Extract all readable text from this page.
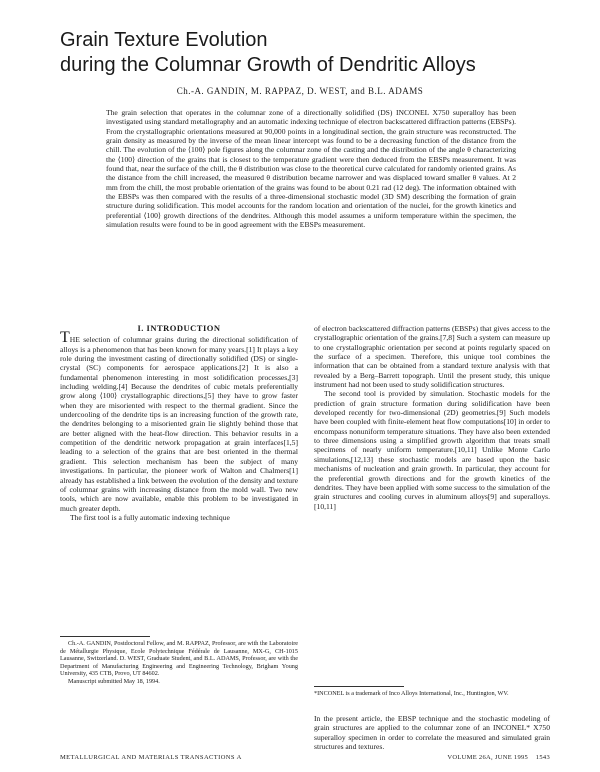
Grain Texture Evolution
during the Columnar Growth of Dendritic Alloys
Ch.-A. GANDIN, M. RAPPAZ, D. WEST, and B.L. ADAMS
The grain selection that operates in the columnar zone of a directionally solidified (DS) INCONEL X750 superalloy has been investigated using standard metallography and an automatic indexing technique of electron backscattered diffraction patterns (EBSPs). From the crystallographic orientations measured at 90,000 points in a longitudinal section, the grain structure was reconstructed. The grain density as measured by the inverse of the mean linear intercept was found to be a decreasing function of the distance from the chill. The evolution of the ⟨100⟩ pole figures along the columnar zone of the casting and the distribution of the angle θ characterizing the ⟨100⟩ direction of the grains that is closest to the temperature gradient were then deduced from the EBSPs measurement. It was found that, near the surface of the chill, the θ distribution was close to the theoretical curve calculated for randomly oriented grains. As the distance from the chill increased, the measured θ distribution became narrower and was displaced toward smaller θ values. At 2 mm from the chill, the most probable orientation of the grains was found to be about 0.21 rad (12 deg). The information obtained with the EBSPs was then compared with the results of a three-dimensional stochastic model (3D SM) describing the formation of grain structure during solidification. This model accounts for the random location and orientation of the nuclei, for the growth kinetics and preferential ⟨100⟩ growth directions of the dendrites. Although this model assumes a uniform temperature within the specimen, the simulation results were found to be in good agreement with the EBSPs measurement.

I. INTRODUCTION

THE selection of columnar grains during the directional solidification of alloys is a phenomenon that has been known for many years.[1] It plays a key role during the investment casting of directionally solidified (DS) or single-crystal (SC) components for aerospace applications.[2] It is also a fundamental phenomenon interesting in most solidification processes,[3] including welding.[4] Because the dendrites of cubic metals preferentially grow along ⟨100⟩ crystallographic directions,[5] they have to grow faster when they are misoriented with respect to the thermal gradient. Since the undercooling of the dendrite tips is an increasing function of the growth rate, the dendrites belonging to a misoriented grain lie slightly behind those that are better aligned with the heat-flow direction. This behavior results in a competition of the dendritic network propagation at grain interfaces[1,5] leading to a selection of the grains that are best oriented in the thermal gradient. This selection mechanism has been the subject of many investigations. In particular, the pioneer work of Walton and Chalmers[1] already has established a link between the evolution of the density and texture of columnar grains with increasing distance from the mold wall. Two new tools, which are now available, enable this problem to be investigated in much greater depth.

The first tool is a fully automatic indexing technique

Ch.-A. GANDIN, Postdoctoral Fellow, and M. RAPPAZ, Professor, are with the Laboratoire de Métallurgie Physique, Ecole Polytechnique Fédérale de Lausanne, MX-G, CH-1015 Lausanne, Switzerland. D. WEST, Graduate Student, and B.L. ADAMS, Professor, are with the Department of Manufacturing Engineering and Engineering Technology, Brigham Young University, 435 CTB, Provo, UT 84602.

Manuscript submitted May 18, 1994.

of electron backscattered diffraction patterns (EBSPs) that gives access to the crystallographic orientation of the grains.[7,8] Such a system can measure up to one crystallographic orientation per second at points regularly spaced on the surface of a specimen. Therefore, this unique tool combines the information that can be obtained from a standard texture analysis with that revealed by a Berg–Barrett topograph. Until the present study, this unique instrument had not been used to study solidification structures.

The second tool is provided by simulation. Stochastic models for the prediction of grain structure formation during solidification have been developed recently for two-dimensional (2D) geometries.[9] Such models have been coupled with finite-element heat flow computations[10] in order to encompass nonuniform temperature situations. They have also been extended to three dimensions using a simplified growth algorithm that treats small specimens of nearly uniform temperature.[10,11] Unlike Monte Carlo simulations,[12,13] these stochastic models are based upon the basic mechanisms of nucleation and grain growth. In particular, they account for the preferential growth directions and for the growth kinetics of the dendrites. They have been applied with some success to the simulation of the grain structures and cooling curves in aluminum alloys[9] and superalloys.[10,11]

*INCONEL is a trademark of Inco Alloys International, Inc., Huntington, WV.
In the present article, the EBSP technique and the stochastic modeling of grain structures are applied to the columnar zone of an INCONEL* X750 superalloy specimen in order to correlate the measured and simulated grain structures and textures.
METALLURGICAL AND MATERIALS TRANSACTIONS A	VOLUME 26A, JUNE 1995 1543
